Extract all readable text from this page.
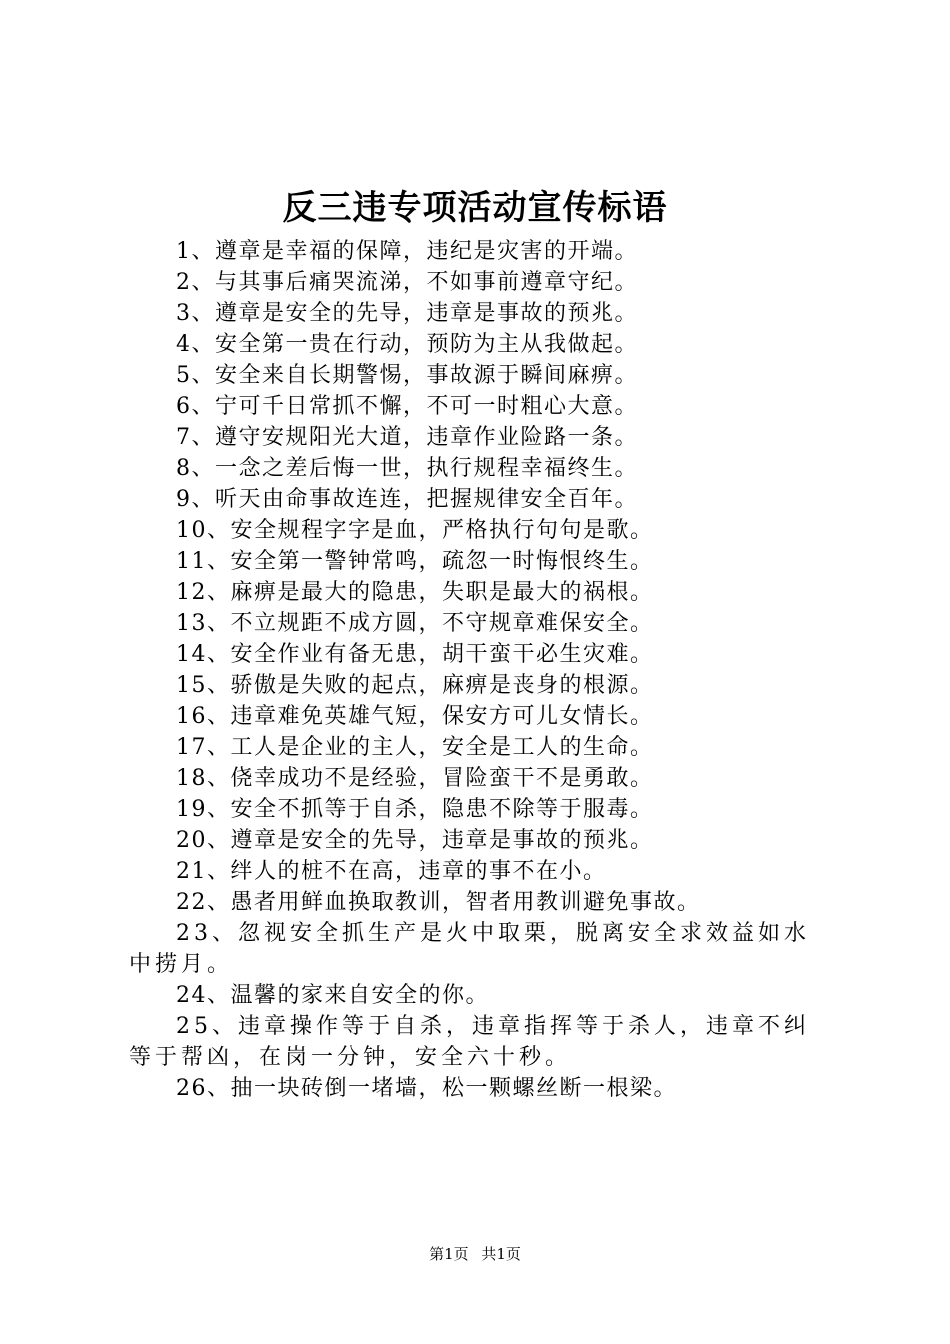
反三违专项活动宣传标语
1、遵章是幸福的保障，违纪是灾害的开端。
2、与其事后痛哭流涕，不如事前遵章守纪。
3、遵章是安全的先导，违章是事故的预兆。
4、安全第一贵在行动，预防为主从我做起。
5、安全来自长期警惕，事故源于瞬间麻痹。
6、宁可千日常抓不懈，不可一时粗心大意。
7、遵守安规阳光大道，违章作业险路一条。
8、一念之差后悔一世，执行规程幸福终生。
9、听天由命事故连连，把握规律安全百年。
10、安全规程字字是血，严格执行句句是歌。
11、安全第一警钟常鸣，疏忽一时悔恨终生。
12、麻痹是最大的隐患，失职是最大的祸根。
13、不立规距不成方圆，不守规章难保安全。
14、安全作业有备无患，胡干蛮干必生灾难。
15、骄傲是失败的起点，麻痹是丧身的根源。
16、违章难免英雄气短，保安方可儿女情长。
17、工人是企业的主人，安全是工人的生命。
18、侥幸成功不是经验，冒险蛮干不是勇敢。
19、安全不抓等于自杀，隐患不除等于服毒。
20、遵章是安全的先导，违章是事故的预兆。
21、绊人的桩不在高，违章的事不在小。
22、愚者用鲜血换取教训，智者用教训避免事故。
23、忽视安全抓生产是火中取栗，脱离安全求效益如水中捞月。
24、温馨的家来自安全的你。
25、违章操作等于自杀，违章指挥等于杀人，违章不纠等于帮凶，在岗一分钟，安全六十秒。
26、抽一块砖倒一堵墙，松一颗螺丝断一根梁。
第1页 共1页
